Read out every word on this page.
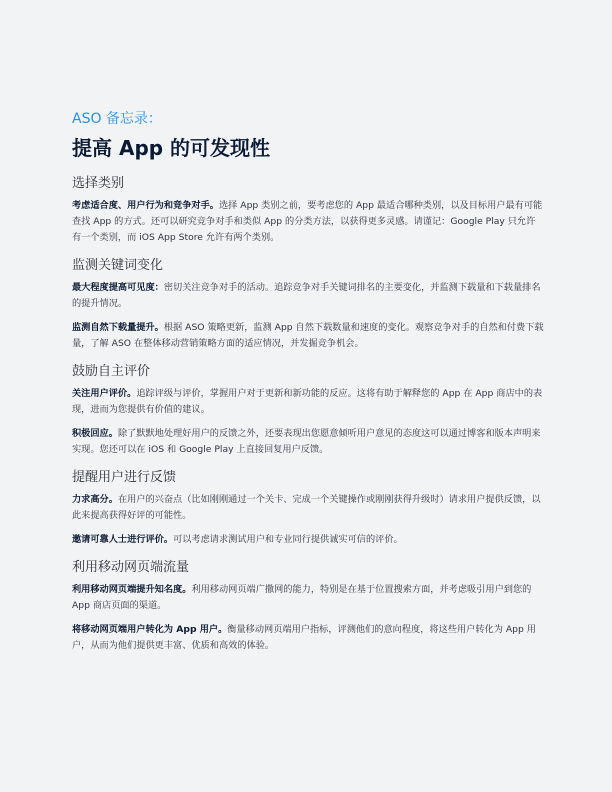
ASO 备忘录：
提高 App 的可发现性
选择类别

考虑适合度、用户行为和竞争对手。选择 App 类别之前，要考虑您的 App 最适合哪种类别，以及目标用户最有可能查找 App 的方式。还可以研究竞争对手和类似 App 的分类方法，以获得更多灵感。请谨记：Google Play 只允许有一个类别，而 iOS App Store 允许有两个类别。

监测关键词变化

最大程度提高可见度：密切关注竞争对手的活动。追踪竞争对手关键词排名的主要变化，并监测下载量和下载量排名的提升情况。

监测自然下载量提升。根据 ASO 策略更新，监测 App 自然下载数量和速度的变化。观察竞争对手的自然和付费下载量，了解 ASO 在整体移动营销策略方面的适应情况，并发掘竞争机会。

鼓励自主评价

关注用户评价。追踪评级与评价，掌握用户对于更新和新功能的反应。这将有助于解释您的 App 在 App 商店中的表现，进而为您提供有价值的建议。

积极回应。除了默默地处理好用户的反馈之外，还要表现出您愿意倾听用户意见的态度这可以通过博客和版本声明来实现。您还可以在 iOS 和 Google Play 上直接回复用户反馈。

提醒用户进行反馈

力求高分。在用户的兴奋点（比如刚刚通过一个关卡、完成一个关键操作或刚刚获得升级时）请求用户提供反馈，以此来提高获得好评的可能性。

邀请可靠人士进行评价。可以考虑请求测试用户和专业同行提供诚实可信的评价。

利用移动网页端流量

利用移动网页端提升知名度。利用移动网页端广撒网的能力，特别是在基于位置搜索方面，并考虑吸引用户到您的 App 商店页面的渠道。

将移动网页端用户转化为 App 用户。衡量移动网页端用户指标，评测他们的意向程度，将这些用户转化为 App 用户，从而为他们提供更丰富、优质和高效的体验。
